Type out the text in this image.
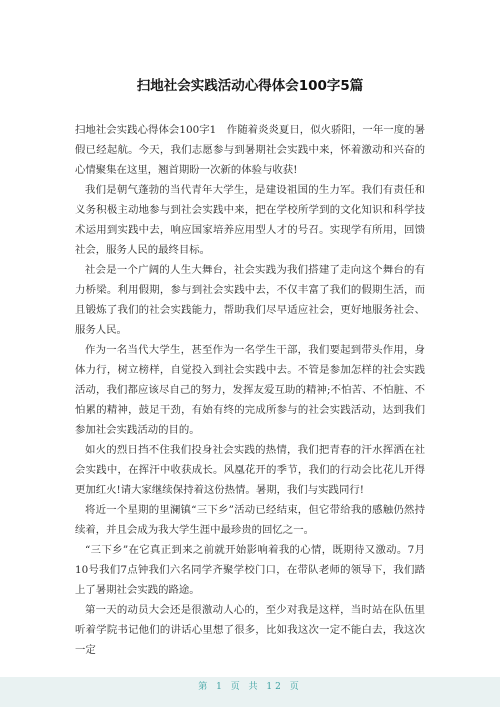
扫地社会实践活动心得体会100字5篇

扫地社会实践心得体会100字1　作随着炎炎夏日，似火骄阳，一年一度的暑假已经起航。今天，我们志愿参与到暑期社会实践中来，怀着激动和兴奋的心情聚集在这里，翘首期盼一次新的体验与收获!

我们是朝气蓬勃的当代青年大学生，是建设祖国的生力军。我们有责任和义务积极主动地参与到社会实践中来，把在学校所学到的文化知识和科学技术运用到实践中去，响应国家培养应用型人才的号召。实现学有所用，回馈社会，服务人民的最终目标。

社会是一个广阔的人生大舞台，社会实践为我们搭建了走向这个舞台的有力桥梁。利用假期，参与到社会实践中去，不仅丰富了我们的假期生活，而且锻炼了我们的社会实践能力，帮助我们尽早适应社会，更好地服务社会、服务人民。

作为一名当代大学生，甚至作为一名学生干部，我们要起到带头作用，身体力行，树立榜样，自觉投入到社会实践中去。不管是参加怎样的社会实践活动，我们都应该尽自己的努力，发挥友爱互助的精神;不怕苦、不怕脏、不怕累的精神，鼓足干劲，有始有终的完成所参与的社会实践活动，达到我们参加社会实践活动的目的。

如火的烈日挡不住我们投身社会实践的热情，我们把青春的汗水挥洒在社会实践中，在挥汗中收获成长。风凰花开的季节，我们的行动会比花儿开得更加红火!请大家继续保持着这份热情。暑期，我们与实践同行!

将近一个星期的里澜镇“三下乡”活动已经结束，但它带给我的感触仍然持续着，并且会成为我大学生涯中最珍贵的回忆之一。

“三下乡”在它真正到来之前就开始影响着我的心情，既期待又激动。7月10号我们7点钟我们六名同学齐聚学校门口，在带队老师的领导下，我们踏上了暑期社会实践的路途。

第一天的动员大会还是很激动人心的，至少对我是这样，当时站在队伍里听着学院书记他们的讲话心里想了很多，比如我这次一定不能白去，我这次一定

第 1 页 共 12 页
